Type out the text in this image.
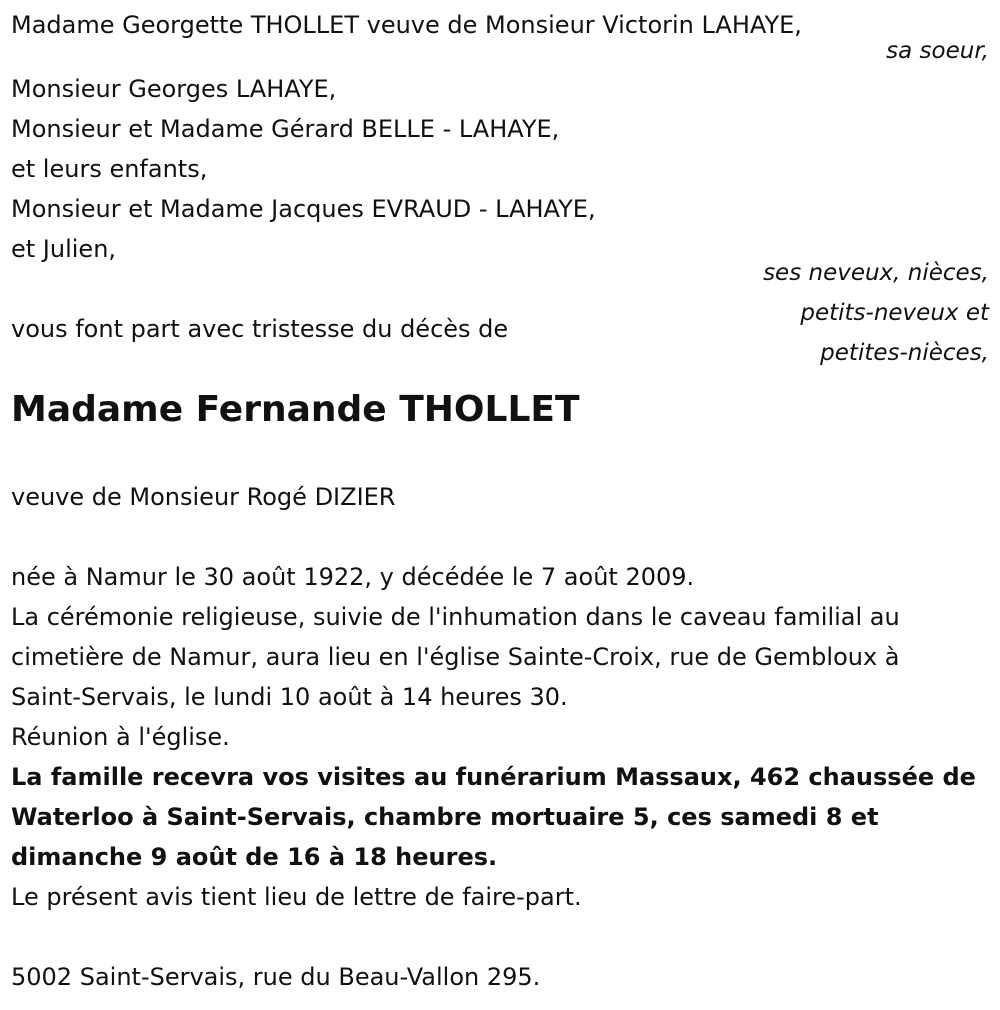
Madame Georgette THOLLET veuve de Monsieur Victorin LAHAYE,
sa soeur,
Monsieur Georges LAHAYE,
Monsieur et Madame Gérard BELLE - LAHAYE,
et leurs enfants,
Monsieur et Madame Jacques EVRAUD - LAHAYE,
et Julien,
ses neveux, nièces,
petits-neveux et
petites-nièces,
vous font part avec tristesse du décès de
Madame Fernande THOLLET
veuve de Monsieur Rogé DIZIER
née à Namur le 30 août 1922, y décédée le 7 août 2009.
La cérémonie religieuse, suivie de l'inhumation dans le caveau familial au
cimetière de Namur, aura lieu en l'église Sainte-Croix, rue de Gembloux à
Saint-Servais, le lundi 10 août à 14 heures 30.
Réunion à l'église.
La famille recevra vos visites au funérarium Massaux, 462 chaussée de
Waterloo à Saint-Servais, chambre mortuaire 5, ces samedi 8 et
dimanche 9 août de 16 à 18 heures.
Le présent avis tient lieu de lettre de faire-part.
5002 Saint-Servais, rue du Beau-Vallon 295.
